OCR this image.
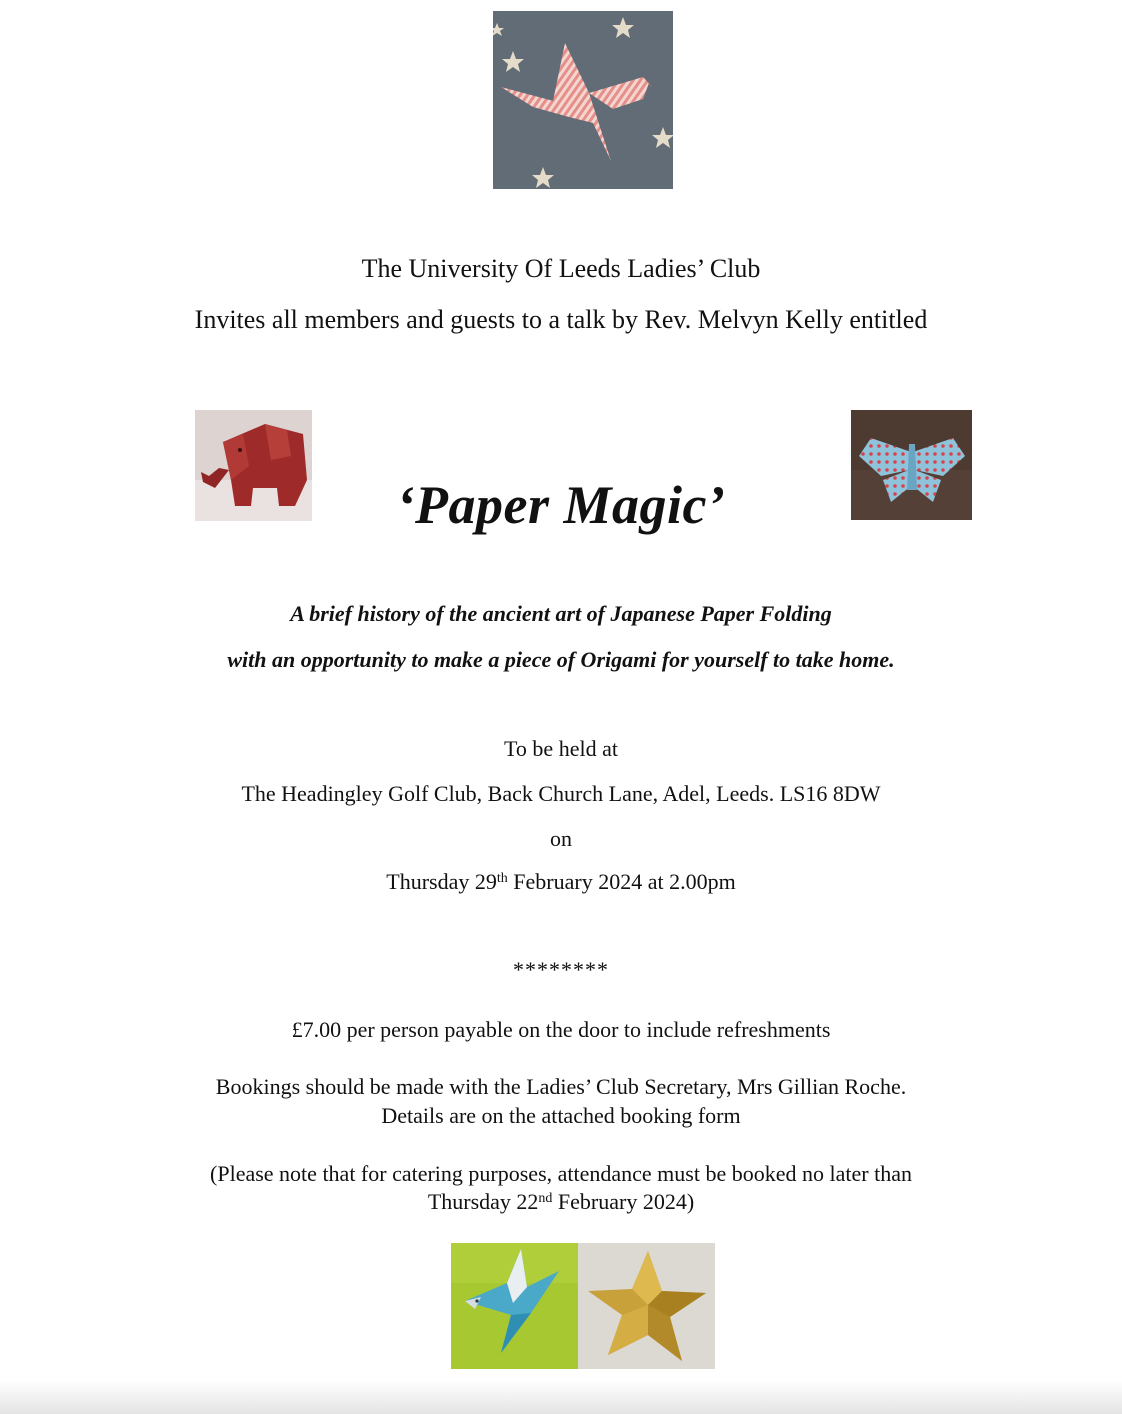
The University Of Leeds Ladies’ Club
Invites all members and guests to a talk by Rev. Melvyn Kelly entitled
‘Paper Magic’
A brief history of the ancient art of Japanese Paper Folding
with an opportunity to make a piece of Origami for yourself to take home.
To be held at
The Headingley Golf Club, Back Church Lane, Adel, Leeds. LS16 8DW
on
Thursday 29th February 2024 at 2.00pm
********
£7.00 per person payable on the door to include refreshments
Bookings should be made with the Ladies’ Club Secretary, Mrs Gillian Roche.
Details are on the attached booking form
(Please note that for catering purposes, attendance must be booked no later than
Thursday 22nd February 2024)
